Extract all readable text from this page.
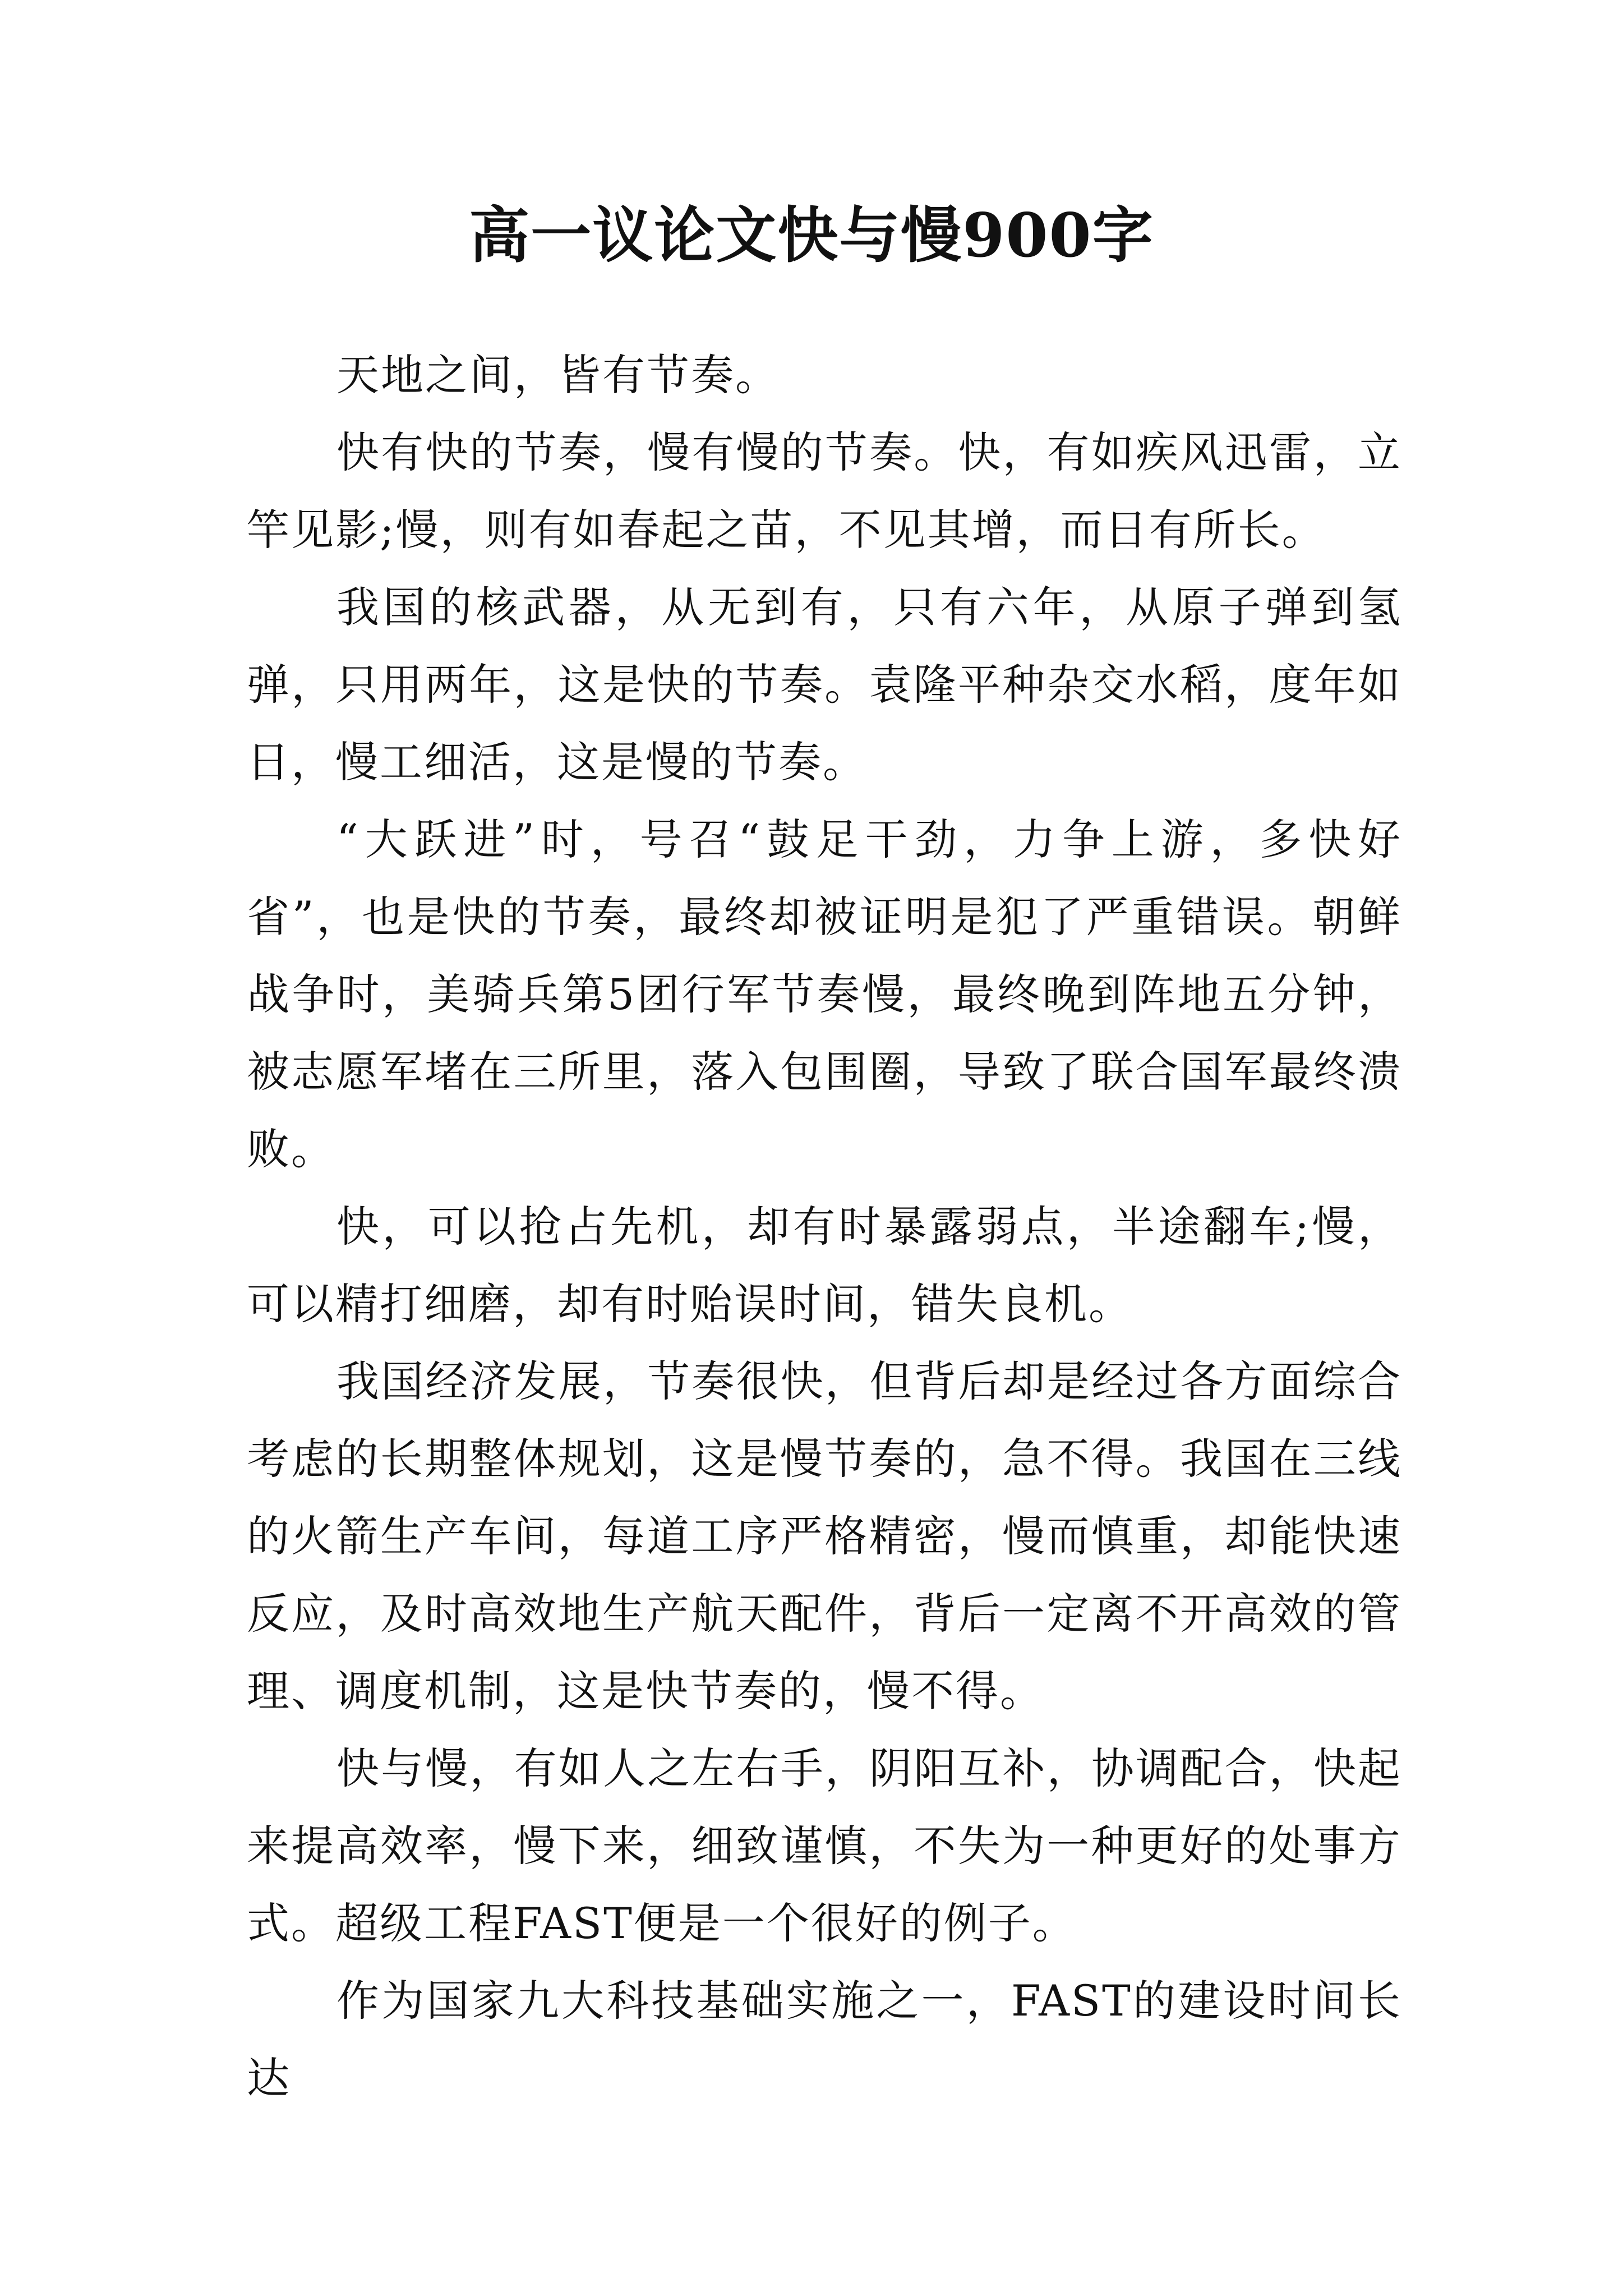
高一议论文快与慢900字

天地之间，皆有节奏。

快有快的节奏，慢有慢的节奏。快，有如疾风迅雷，立竿见影;慢，则有如春起之苗，不见其增，而日有所长。

我国的核武器，从无到有，只有六年，从原子弹到氢弹，只用两年，这是快的节奏。袁隆平种杂交水稻，度年如日，慢工细活，这是慢的节奏。

“大跃进”时，号召“鼓足干劲，力争上游，多快好省”，也是快的节奏，最终却被证明是犯了严重错误。朝鲜战争时，美骑兵第5团行军节奏慢，最终晚到阵地五分钟，被志愿军堵在三所里，落入包围圈，导致了联合国军最终溃败。

快，可以抢占先机，却有时暴露弱点，半途翻车;慢，可以精打细磨，却有时贻误时间，错失良机。

我国经济发展，节奏很快，但背后却是经过各方面综合考虑的长期整体规划，这是慢节奏的，急不得。我国在三线的火箭生产车间，每道工序严格精密，慢而慎重，却能快速反应，及时高效地生产航天配件，背后一定离不开高效的管理、调度机制，这是快节奏的，慢不得。

快与慢，有如人之左右手，阴阳互补，协调配合，快起来提高效率，慢下来，细致谨慎，不失为一种更好的处事方式。超级工程FAST便是一个很好的例子。

作为国家九大科技基础实施之一，FAST的建设时间长达
